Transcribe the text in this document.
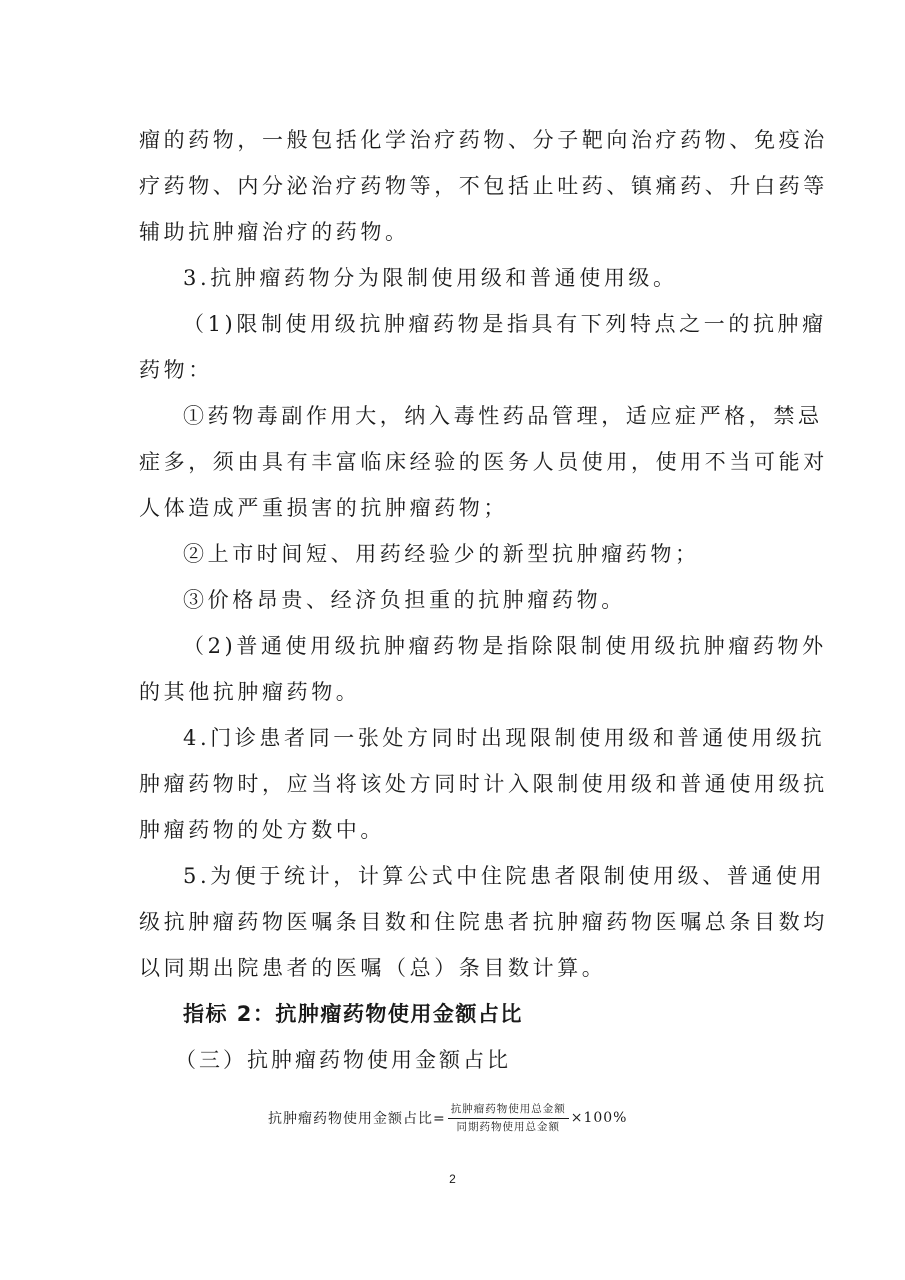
瘤的药物，一般包括化学治疗药物、分子靶向治疗药物、免疫治
疗药物、内分泌治疗药物等，不包括止吐药、镇痛药、升白药等
辅助抗肿瘤治疗的药物。
3.抗肿瘤药物分为限制使用级和普通使用级。
（1)限制使用级抗肿瘤药物是指具有下列特点之一的抗肿瘤
药物：
①药物毒副作用大，纳入毒性药品管理，适应症严格，禁忌
症多，须由具有丰富临床经验的医务人员使用，使用不当可能对
人体造成严重损害的抗肿瘤药物；
②上市时间短、用药经验少的新型抗肿瘤药物；
③价格昂贵、经济负担重的抗肿瘤药物。
（2)普通使用级抗肿瘤药物是指除限制使用级抗肿瘤药物外
的其他抗肿瘤药物。
4.门诊患者同一张处方同时出现限制使用级和普通使用级抗
肿瘤药物时，应当将该处方同时计入限制使用级和普通使用级抗
肿瘤药物的处方数中。
5.为便于统计，计算公式中住院患者限制使用级、普通使用
级抗肿瘤药物医嘱条目数和住院患者抗肿瘤药物医嘱总条目数均
以同期出院患者的医嘱（总）条目数计算。
指标 2：抗肿瘤药物使用金额占比
（三）抗肿瘤药物使用金额占比
抗肿瘤药物使用金额占比= $\frac{\text{抗肿瘤药物使用总金额}}{\text{同期药物使用总金额}} \times 100\%$
2
